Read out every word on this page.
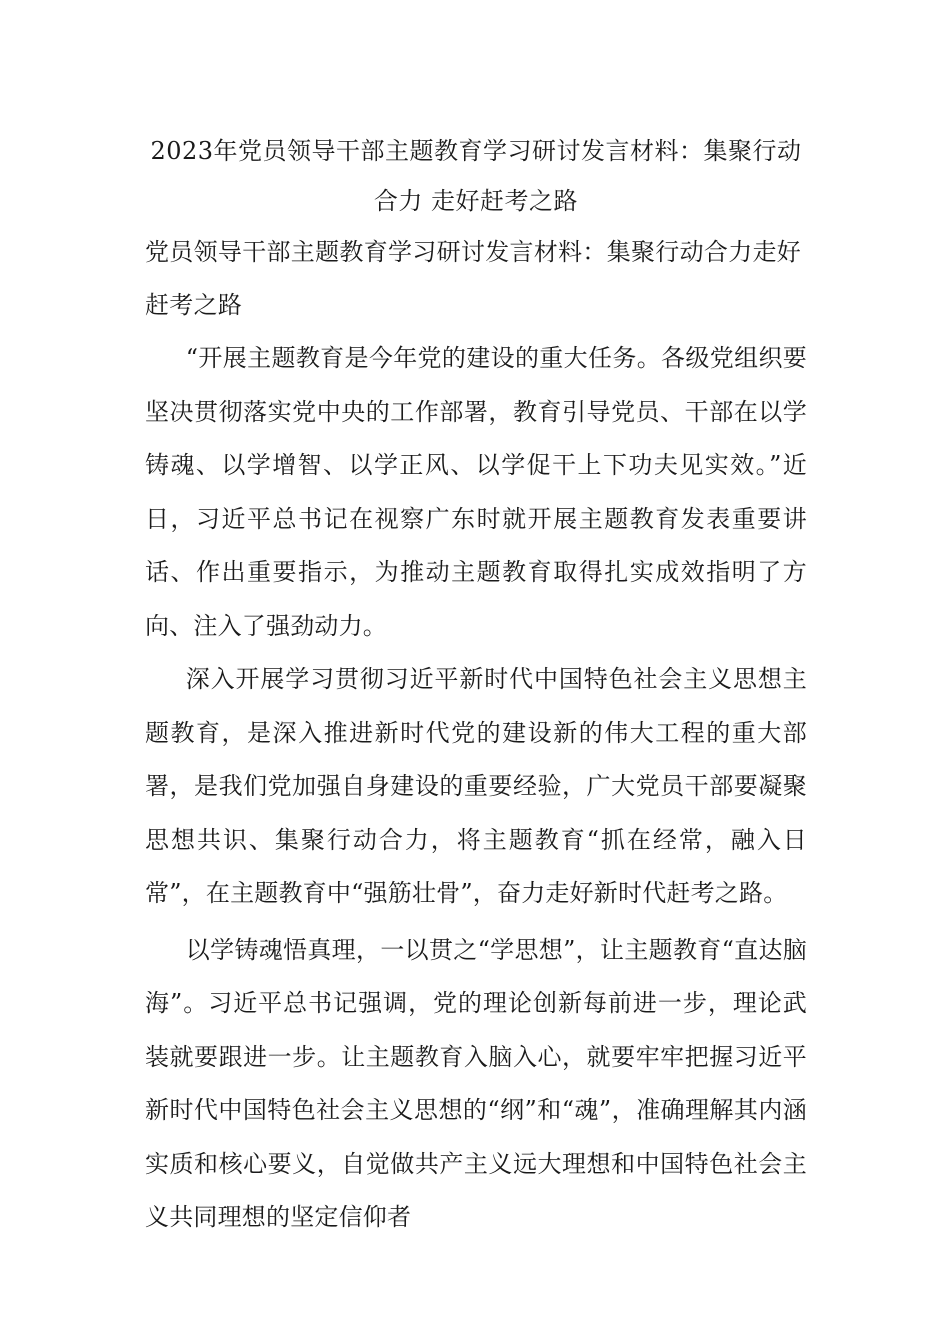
2023年党员领导干部主题教育学习研讨发言材料：集聚行动合力 走好赶考之路

党员领导干部主题教育学习研讨发言材料：集聚行动合力走好赶考之路

“开展主题教育是今年党的建设的重大任务。各级党组织要坚决贯彻落实党中央的工作部署，教育引导党员、干部在以学铸魂、以学增智、以学正风、以学促干上下功夫见实效。”近日，习近平总书记在视察广东时就开展主题教育发表重要讲话、作出重要指示，为推动主题教育取得扎实成效指明了方向、注入了强劲动力。

深入开展学习贯彻习近平新时代中国特色社会主义思想主题教育，是深入推进新时代党的建设新的伟大工程的重大部署，是我们党加强自身建设的重要经验，广大党员干部要凝聚思想共识、集聚行动合力，将主题教育“抓在经常，融入日常”，在主题教育中“强筋壮骨”，奋力走好新时代赶考之路。

以学铸魂悟真理，一以贯之“学思想”，让主题教育“直达脑海”。习近平总书记强调，党的理论创新每前进一步，理论武装就要跟进一步。让主题教育入脑入心，就要牢牢把握习近平新时代中国特色社会主义思想的“纲”和“魂”，准确理解其内涵实质和核心要义，自觉做共产主义远大理想和中国特色社会主义共同理想的坚定信仰者
